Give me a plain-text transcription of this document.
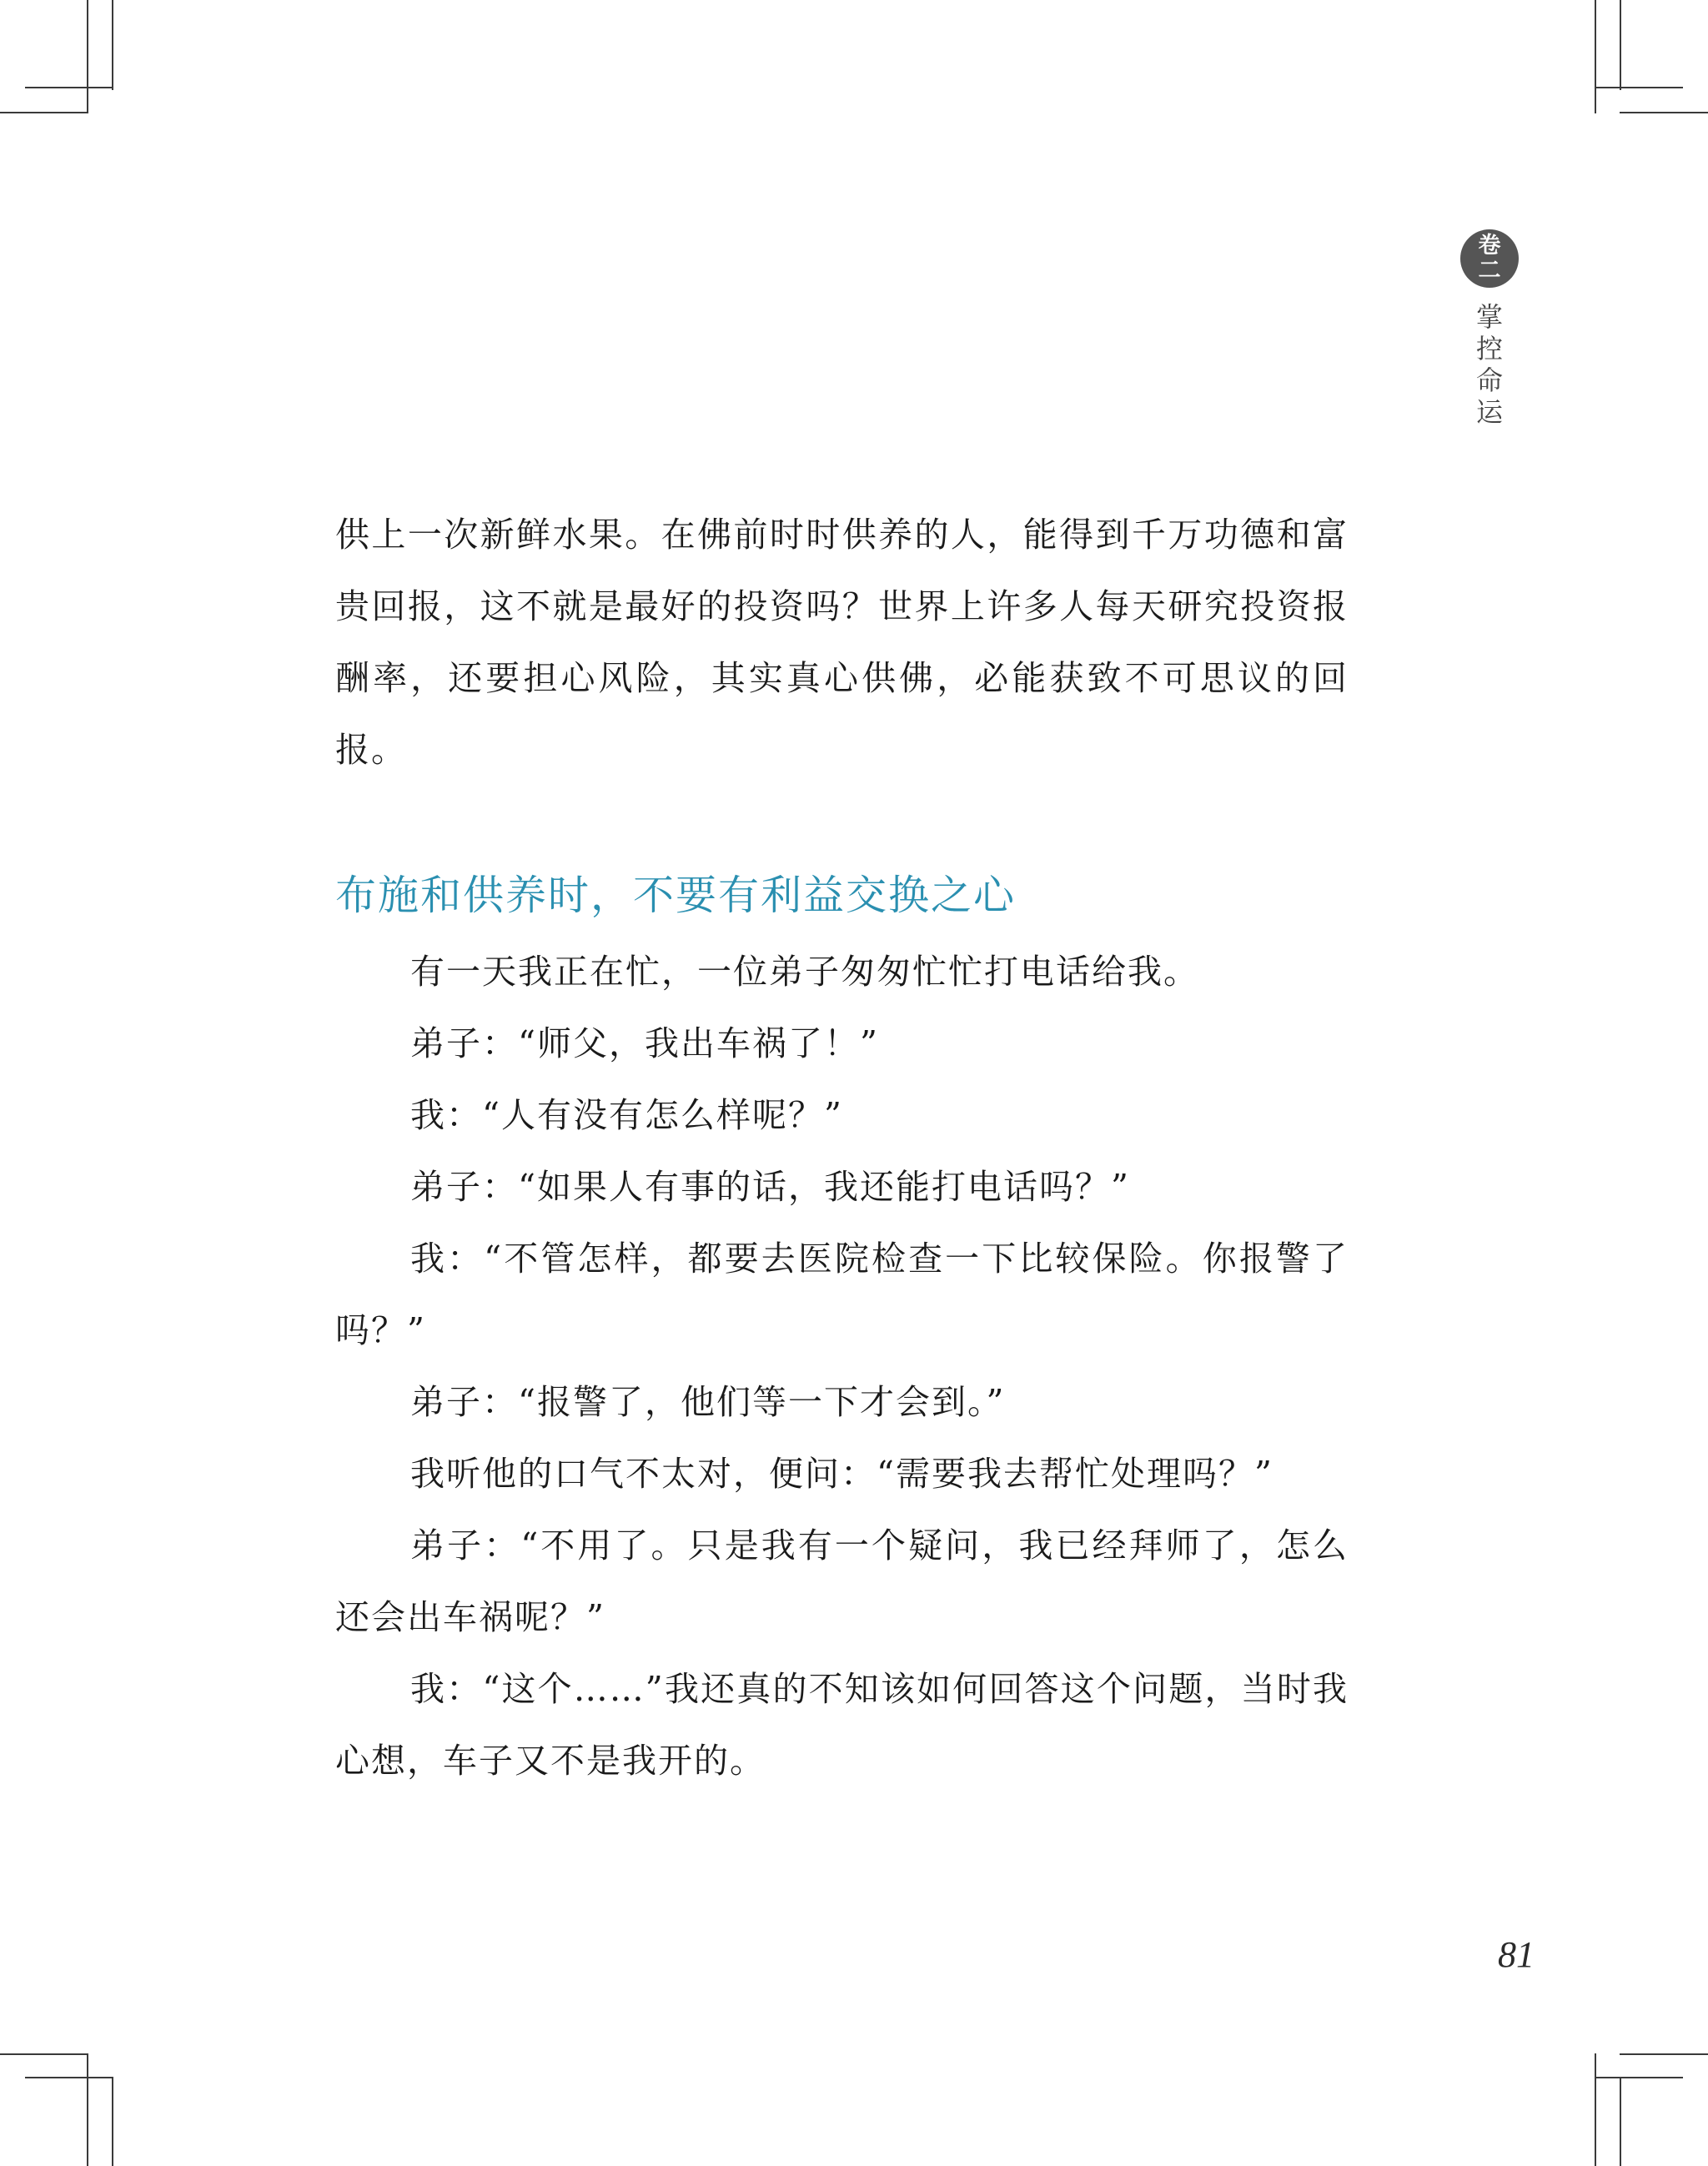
卷
二
掌
控
命
运

供上一次新鲜水果。在佛前时时供养的人，能得到千万功德和富贵回报，这不就是最好的投资吗？世界上许多人每天研究投资报酬率，还要担心风险，其实真心供佛，必能获致不可思议的回报。

布施和供养时，不要有利益交换之心

有一天我正在忙，一位弟子匆匆忙忙打电话给我。

弟子：“师父，我出车祸了！”

我：“人有没有怎么样呢？”

弟子：“如果人有事的话，我还能打电话吗？”

我：“不管怎样，都要去医院检查一下比较保险。你报警了吗？”

弟子：“报警了，他们等一下才会到。”

我听他的口气不太对，便问：“需要我去帮忙处理吗？”

弟子：“不用了。只是我有一个疑问，我已经拜师了，怎么还会出车祸呢？”

我：“这个……”我还真的不知该如何回答这个问题，当时我心想，车子又不是我开的。

81
